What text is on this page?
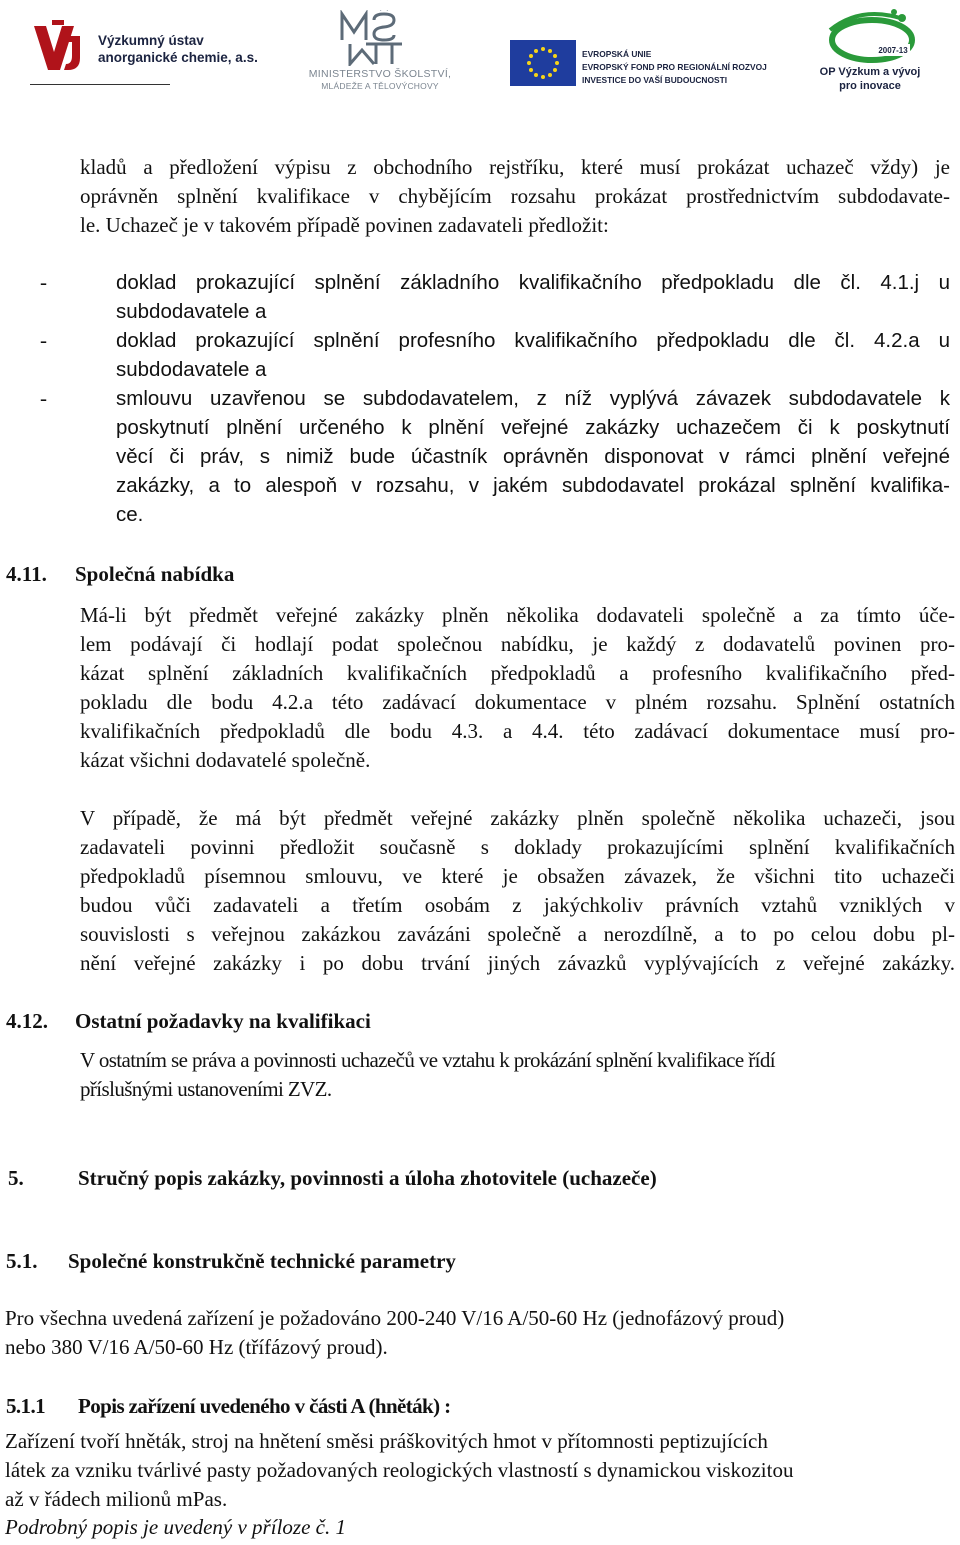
Výzkumný ústav
anorganické chemie, a.s.
MINISTERSTVO ŠKOLSTVÍ,
MLÁDEŽE A TĚLOVÝCHOVY
EVROPSKÁ UNIE
EVROPSKÝ FOND PRO REGIONÁLNÍ ROZVOJ
INVESTICE DO VAŠÍ BUDOUCNOSTI
2007-13
OP Výzkum a vývoj
pro inovace
kladů a předložení výpisu z obchodního rejstříku, které musí prokázat uchazeč vždy) je
oprávněn splnění kvalifikace v chybějícím rozsahu prokázat prostřednictvím subdodavate-
le. Uchazeč je v takovém případě povinen zadavateli předložit:
-	doklad prokazující splnění základního kvalifikačního předpokladu dle čl. 4.1.j u
subdodavatele a
-	doklad prokazující splnění profesního kvalifikačního předpokladu dle čl. 4.2.a u
subdodavatele a
-	smlouvu uzavřenou se subdodavatelem, z níž vyplývá závazek subdodavatele k
poskytnutí plnění určeného k plnění veřejné zakázky uchazečem či k poskytnutí
věcí či práv, s nimiž bude účastník oprávněn disponovat v rámci plnění veřejné
zakázky, a to alespoň v rozsahu, v jakém subdodavatel prokázal splnění kvalifika-
ce.
4.11. Společná nabídka
Má-li být předmět veřejné zakázky plněn několika dodavateli společně a za tímto úče-
lem podávají či hodlají podat společnou nabídku, je každý z dodavatelů povinen pro-
kázat splnění základních kvalifikačních předpokladů a profesního kvalifikačního před-
pokladu dle bodu 4.2.a této zadávací dokumentace v plném rozsahu. Splnění ostatních
kvalifikačních předpokladů dle bodu 4.3. a 4.4. této zadávací dokumentace musí pro-
kázat všichni dodavatelé společně.
V případě, že má být předmět veřejné zakázky plněn společně několika uchazeči, jsou
zadavateli povinni předložit současně s doklady prokazujícími splnění kvalifikačních
předpokladů písemnou smlouvu, ve které je obsažen závazek, že všichni tito uchazeči
budou vůči zadavateli a třetím osobám z jakýchkoliv právních vztahů vzniklých v
souvislosti s veřejnou zakázkou zavázáni společně a nerozdílně, a to po celou dobu pl-
nění veřejné zakázky i po dobu trvání jiných závazků vyplývajících z veřejné zakázky.
4.12. Ostatní požadavky na kvalifikaci
V ostatním se práva a povinnosti uchazečů ve vztahu k prokázání splnění kvalifikace řídí
příslušnými ustanoveními ZVZ.
5.	Stručný popis zakázky, povinnosti a úloha zhotovitele (uchazeče)
5.1. Společné konstrukčně technické parametry
Pro všechna uvedená zařízení je požadováno 200-240 V/16 A/50-60 Hz (jednofázový proud)
nebo 380 V/16 A/50-60 Hz (třífázový proud).
5.1.1 Popis zařízení uvedeného v části A (hněták) :
Zařízení tvoří hněták, stroj na hnětení směsi práškovitých hmot v přítomnosti peptizujících
látek za vzniku tvárlivé pasty požadovaných reologických vlastností s dynamickou viskozitou
až v řádech milionů mPas.
Podrobný popis je uvedený v příloze č. 1
